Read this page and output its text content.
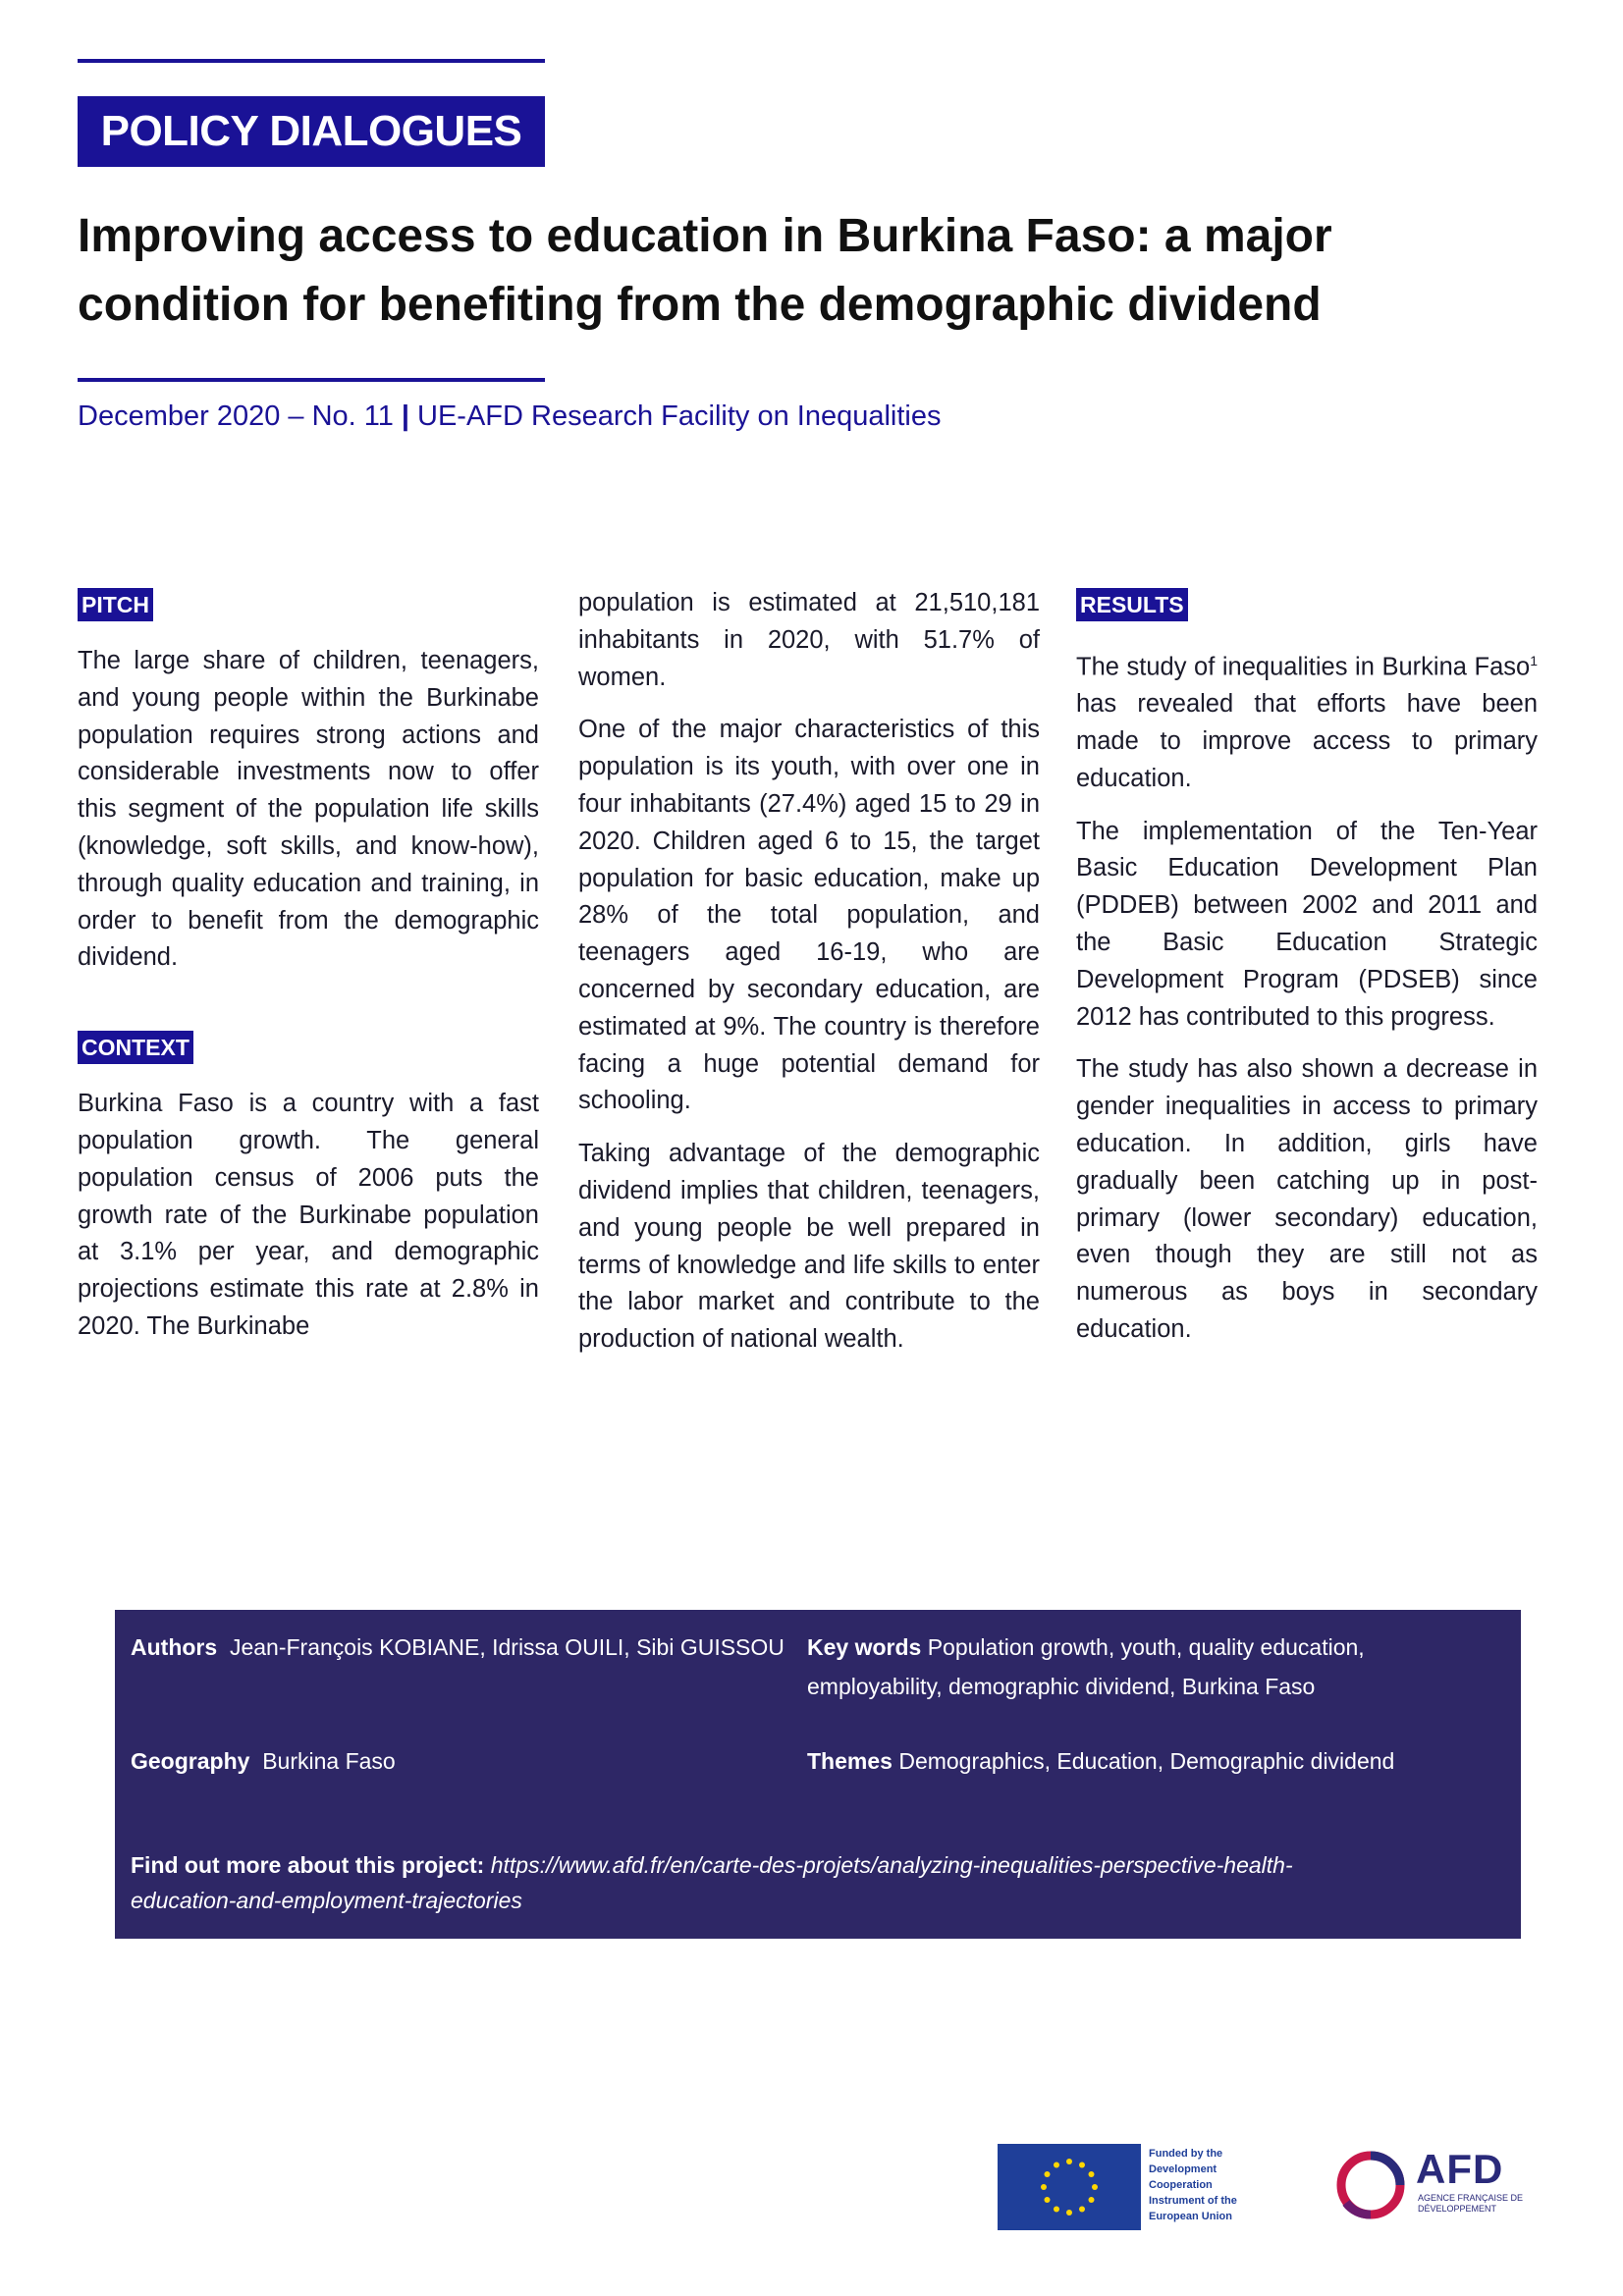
POLICY DIALOGUES
Improving access to education in Burkina Faso: a major
condition for benefiting from the demographic dividend
December 2020 – No. 11 | UE-AFD Research Facility on Inequalities
PITCH

The large share of children, teenagers, and young people within the Burkinabe population requires strong actions and considerable investments now to offer this segment of the population life skills (knowledge, soft skills, and know-how), through quality education and training, in order to benefit from the demographic dividend.

CONTEXT

Burkina Faso is a country with a fast population growth. The general population census of 2006 puts the growth rate of the Burkinabe population at 3.1% per year, and demographic projections estimate this rate at 2.8% in 2020. The Burkinabe

population is estimated at 21,510,181 inhabitants in 2020, with 51.7% of women.

One of the major characteristics of this population is its youth, with over one in four inhabitants (27.4%) aged 15 to 29 in 2020. Children aged 6 to 15, the target population for basic education, make up 28% of the total population, and teenagers aged 16-19, who are concerned by secondary education, are estimated at 9%. The country is therefore facing a huge potential demand for schooling.

Taking advantage of the demographic dividend implies that children, teenagers, and young people be well prepared in terms of knowledge and life skills to enter the labor market and contribute to the production of national wealth.

RESULTS

The study of inequalities in Burkina Faso$^1$ has revealed that efforts have been made to improve access to primary education.

The implementation of the Ten-Year Basic Education Development Plan (PDDEB) between 2002 and 2011 and the Basic Education Strategic Development Program (PDSEB) since 2012 has contributed to this progress.

The study has also shown a decrease in gender inequalities in access to primary education. In addition, girls have gradually been catching up in post-primary (lower secondary) education, even though they are still not as numerous as boys in secondary education.

Authors Jean-François KOBIANE, Idrissa OUILI, Sibi GUISSOU	Key words Population growth, youth, quality education,
employability, demographic dividend, Burkina Faso
Geography Burkina Faso	Themes Demographics, Education, Demographic dividend
Find out more about this project: https://www.afd.fr/en/carte-des-projets/analyzing-inequalities-perspective-health-
education-and-employment-trajectories
Funded by the Development Cooperation Instrument of the European Union
AFD
AGENCE FRANÇAISE DE DÉVELOPPEMENT
